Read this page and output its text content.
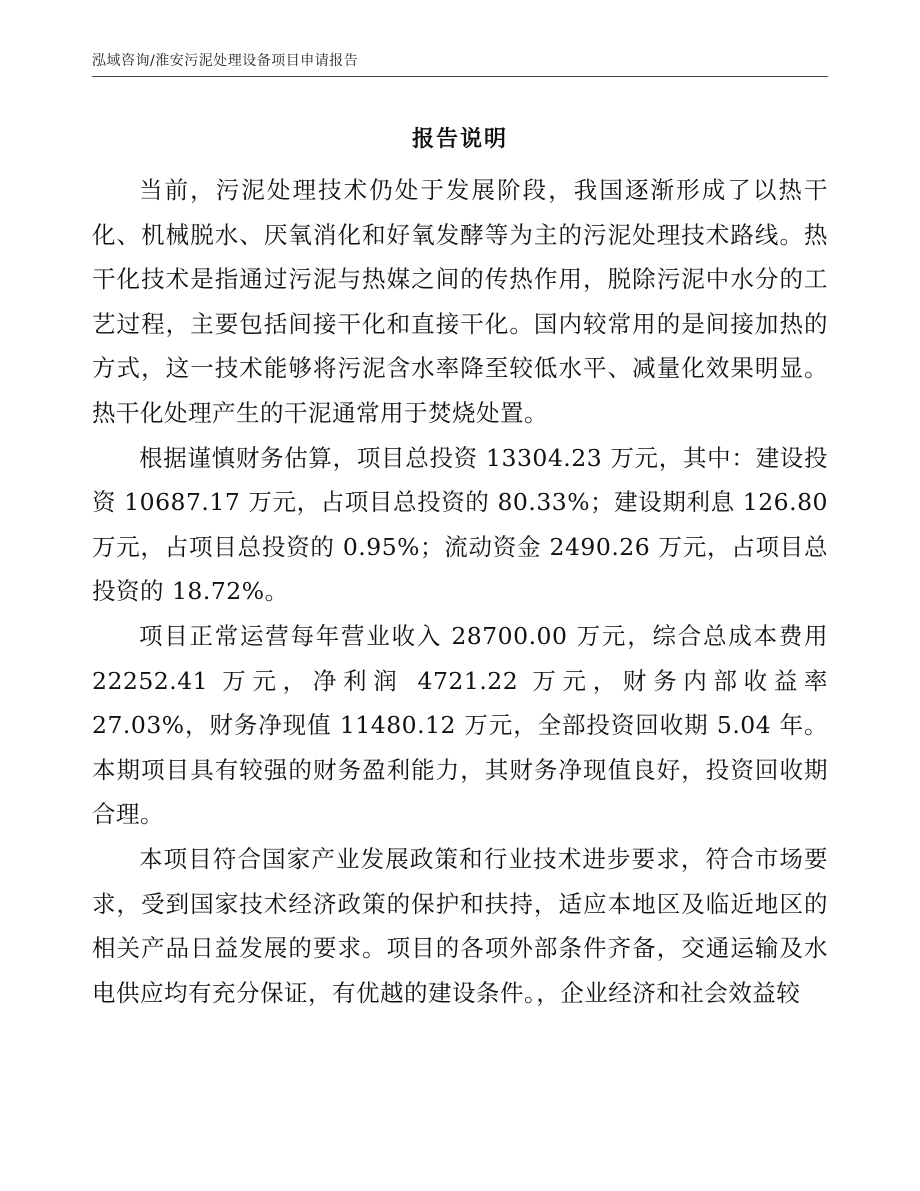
泓域咨询/淮安污泥处理设备项目申请报告
报告说明

当前，污泥处理技术仍处于发展阶段，我国逐渐形成了以热干化、机械脱水、厌氧消化和好氧发酵等为主的污泥处理技术路线。热干化技术是指通过污泥与热媒之间的传热作用，脱除污泥中水分的工艺过程，主要包括间接干化和直接干化。国内较常用的是间接加热的方式，这一技术能够将污泥含水率降至较低水平、减量化效果明显。热干化处理产生的干泥通常用于焚烧处置。

根据谨慎财务估算，项目总投资 13304.23 万元，其中：建设投资 10687.17 万元，占项目总投资的 80.33%；建设期利息 126.80 万元，占项目总投资的 0.95%；流动资金 2490.26 万元，占项目总投资的 18.72%。

项目正常运营每年营业收入 28700.00 万元，综合总成本费用 22252.41 万元，净利润 4721.22 万元，财务内部收益率 27.03%，财务净现值 11480.12 万元，全部投资回收期 5.04 年。本期项目具有较强的财务盈利能力，其财务净现值良好，投资回收期合理。

本项目符合国家产业发展政策和行业技术进步要求，符合市场要求，受到国家技术经济政策的保护和扶持，适应本地区及临近地区的相关产品日益发展的要求。项目的各项外部条件齐备，交通运输及水电供应均有充分保证，有优越的建设条件。，企业经济和社会效益较
